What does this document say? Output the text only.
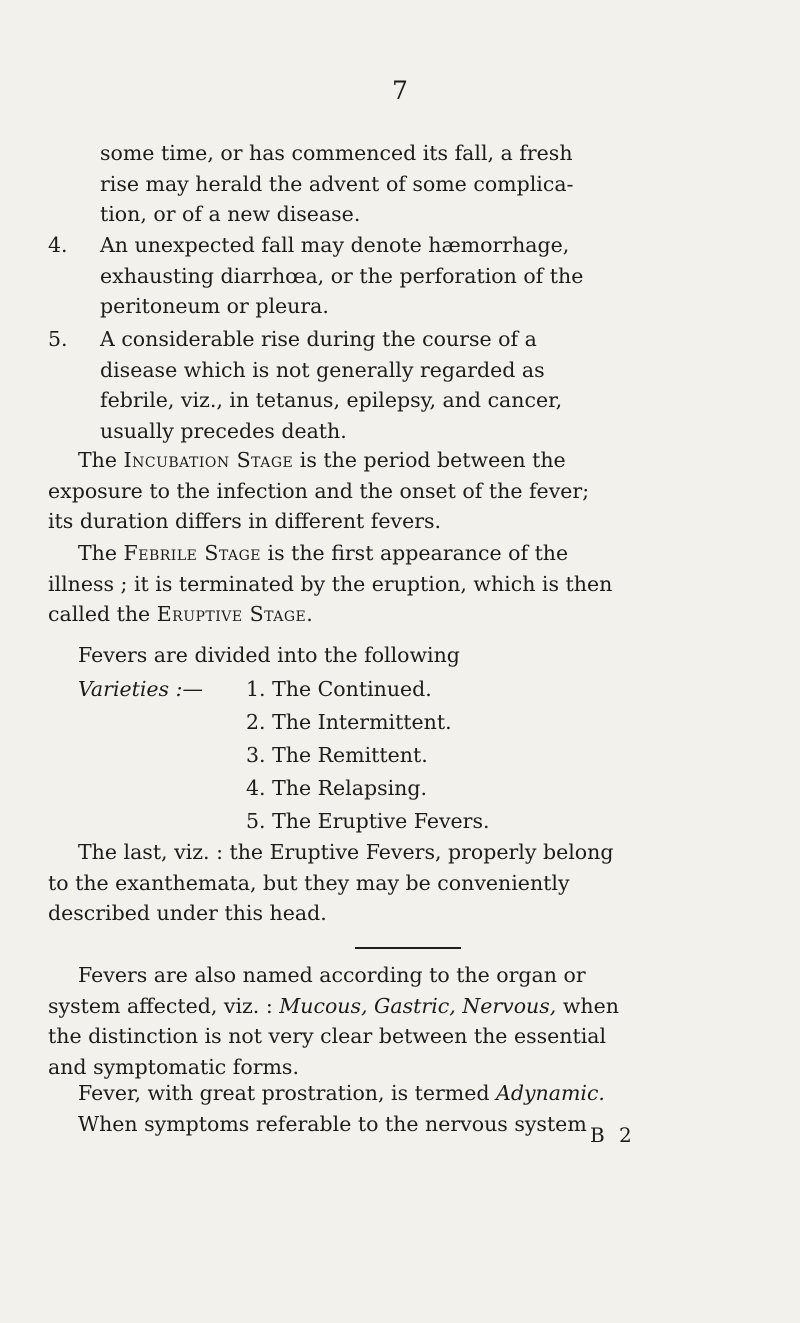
7
some time, or has commenced its fall, a fresh
rise may herald the advent of some complica-
tion, or of a new disease.
4.	An unexpected fall may denote hæmorrhage,
exhausting diarrhœa, or the perforation of the
peritoneum or pleura.
5.	A considerable rise during the course of a
disease which is not generally regarded as
febrile, viz., in tetanus, epilepsy, and cancer,
usually precedes death.
The Incubation Stage is the period between the
exposure to the infection and the onset of the fever;
its duration differs in different fevers.
The Febrile Stage is the first appearance of the
illness ; it is terminated by the eruption, which is then
called the Eruptive Stage.
Fevers are divided into the following
Varieties :— 1. The Continued.
2. The Intermittent.
3. The Remittent.
4. The Relapsing.
5. The Eruptive Fevers.
The last, viz. : the Eruptive Fevers, properly belong
to the exanthemata, but they may be conveniently
described under this head.
Fevers are also named according to the organ or
system affected, viz. : Mucous, Gastric, Nervous, when
the distinction is not very clear between the essential
and symptomatic forms.
Fever, with great prostration, is termed Adynamic.
When symptoms referable to the nervous system B 2
